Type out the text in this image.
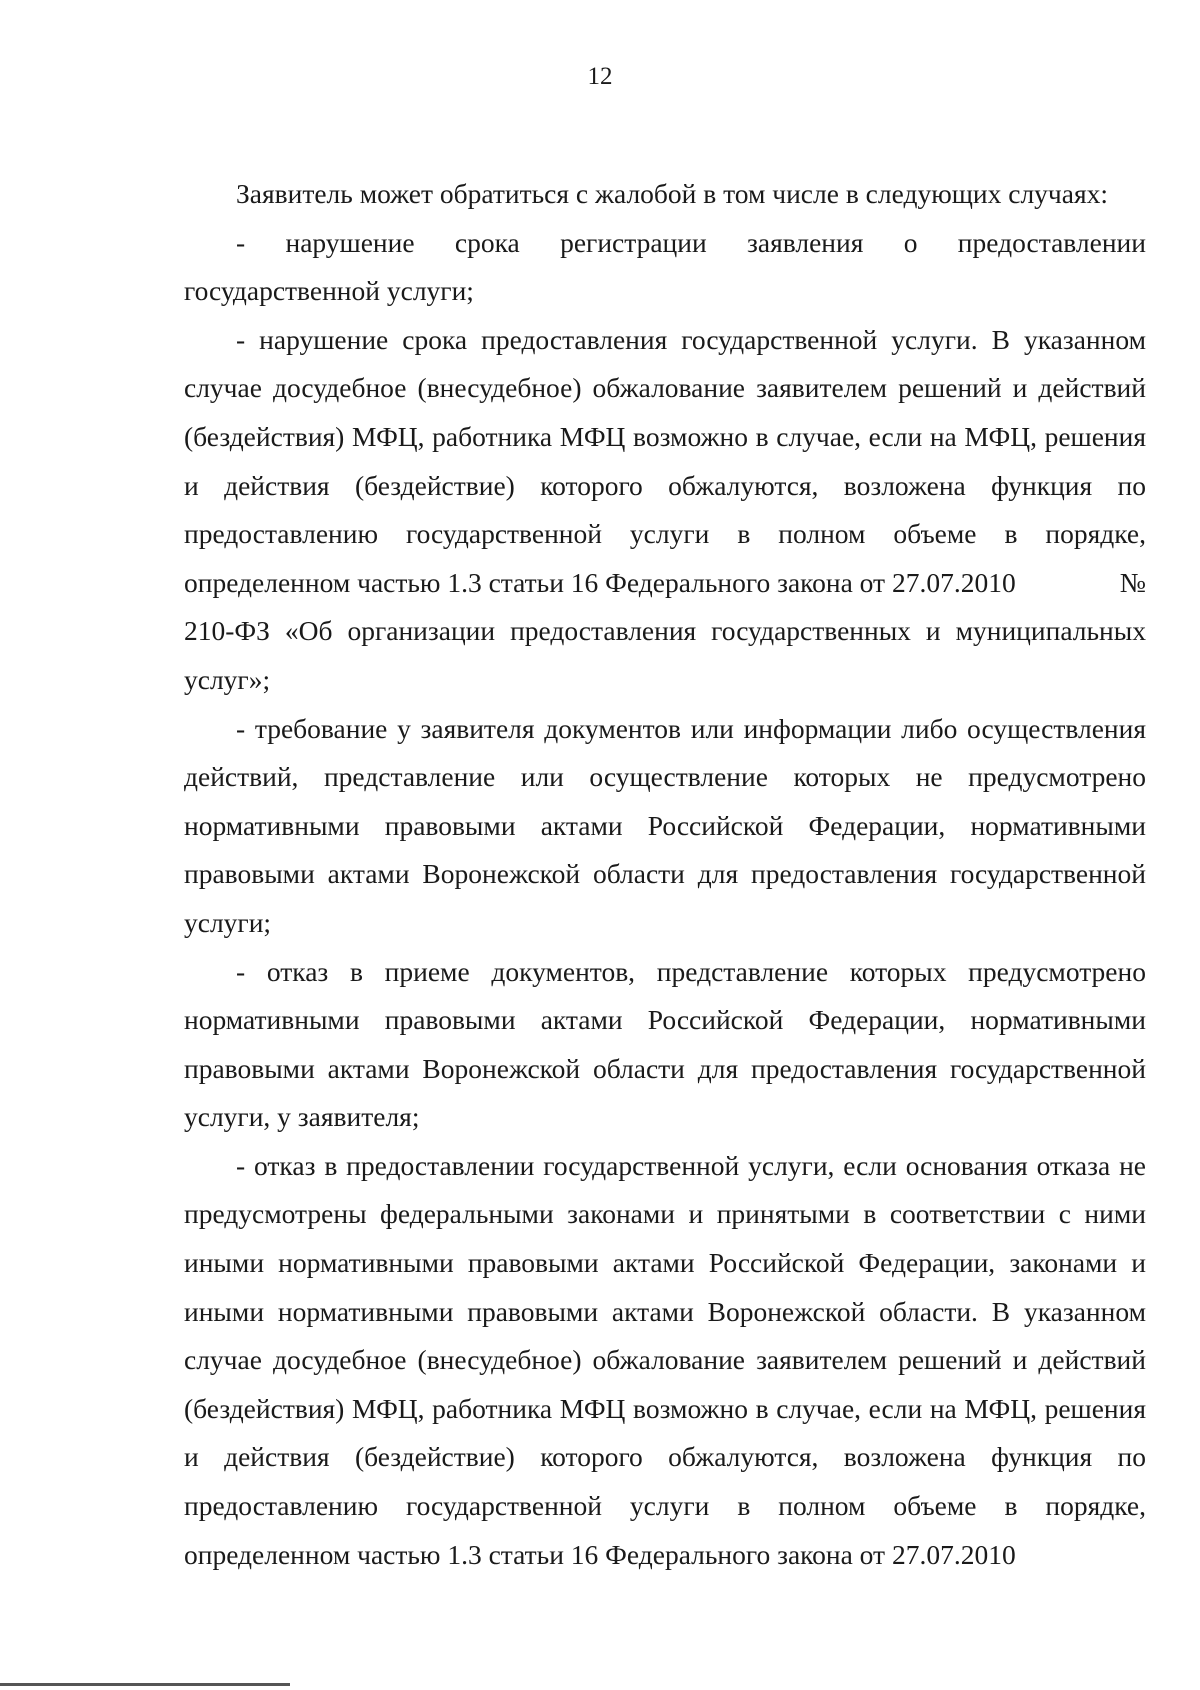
12

Заявитель может обратиться с жалобой в том числе в следующих случаях:

- нарушение срока регистрации заявления о предоставлении государственной услуги;

- нарушение срока предоставления государственной услуги. В указанном случае досудебное (внесудебное) обжалование заявителем решений и действий (бездействия) МФЦ, работника МФЦ возможно в случае, если на МФЦ, решения и действия (бездействие) которого обжалуются, возложена функция по предоставлению государственной услуги в полном объеме в порядке, определенном частью 1.3 статьи 16 Федерального закона от 27.07.2010	№

210-ФЗ «Об организации предоставления государственных и муниципальных услуг»;

- требование у заявителя документов или информации либо осуществления действий, представление или осуществление которых не предусмотрено нормативными правовыми актами Российской Федерации, нормативными правовыми актами Воронежской области для предоставления государственной услуги;

- отказ в приеме документов, представление которых предусмотрено нормативными правовыми актами Российской Федерации, нормативными правовыми актами Воронежской области для предоставления государственной услуги, у заявителя;

- отказ в предоставлении государственной услуги, если основания отказа не предусмотрены федеральными законами и принятыми в соответствии с ними иными нормативными правовыми актами Российской Федерации, законами и иными нормативными правовыми актами Воронежской области. В указанном случае досудебное (внесудебное) обжалование заявителем решений и действий (бездействия) МФЦ, работника МФЦ возможно в случае, если на МФЦ, решения и действия (бездействие) которого обжалуются, возложена функция по предоставлению государственной услуги в полном объеме в порядке, определенном частью 1.3 статьи 16 Федерального закона от 27.07.2010
